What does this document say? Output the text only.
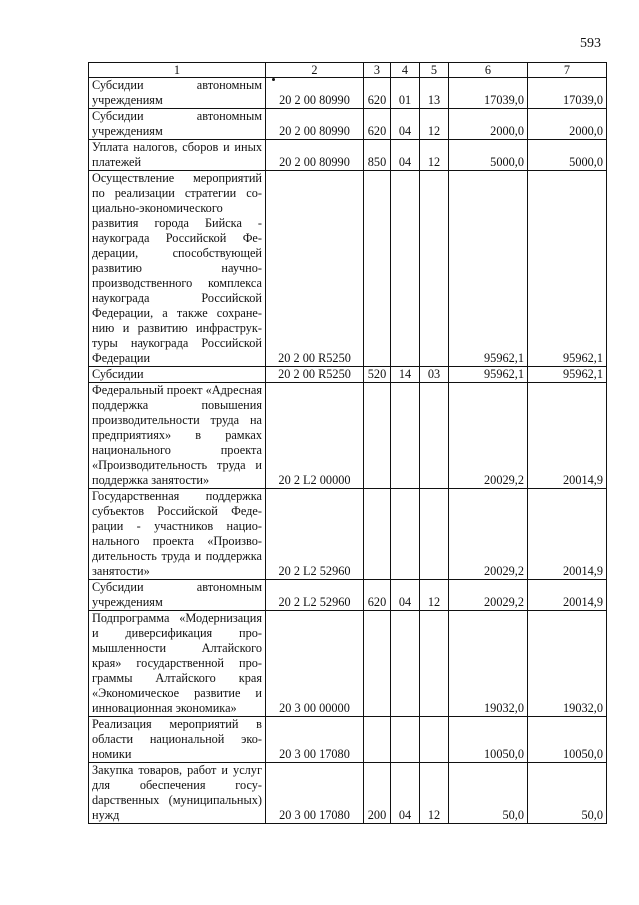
593
1	2	3	4	5	6	7
Субсидии автономным учреждениям	20 2 00 80990	620	01	13	17039,0	17039,0
Субсидии автономным учреждениям	20 2 00 80990	620	04	12	2000,0	2000,0
Уплата налогов, сборов и иных платежей	20 2 00 80990	850	04	12	5000,0	5000,0
Осуществление мероприятий по реализации стратегии социально-экономического развития города Бийска - наукограда Российской Федерации, способствующей развитию научно-производственного комплекса наукограда Российской Федерации, а также сохранению и развитию инфраструктуры наукограда Российской Федерации	20 2 00 R5250				95962,1	95962,1
Субсидии	20 2 00 R5250	520	14	03	95962,1	95962,1
Федеральный проект «Адресная поддержка повышения производительности труда на предприятиях» в рамках национального проекта «Производительность труда и поддержка занятости»	20 2 L2 00000				20029,2	20014,9
Государственная поддержка субъектов Российской Федерации - участников национального проекта «Производительность труда и поддержка занятости»	20 2 L2 52960				20029,2	20014,9
Субсидии автономным учреждениям	20 2 L2 52960	620	04	12	20029,2	20014,9
Подпрограмма «Модернизация и диверсификация промышленности Алтайского края» государственной программы Алтайского края «Экономическое развитие и инновационная экономика»	20 3 00 00000				19032,0	19032,0
Реализация мероприятий в области национальной экономики	20 3 00 17080				10050,0	10050,0
Закупка товаров, работ и услуг для обеспечения госуdарственных (муниципальных) нужд	20 3 00 17080	200	04	12	50,0	50,0
